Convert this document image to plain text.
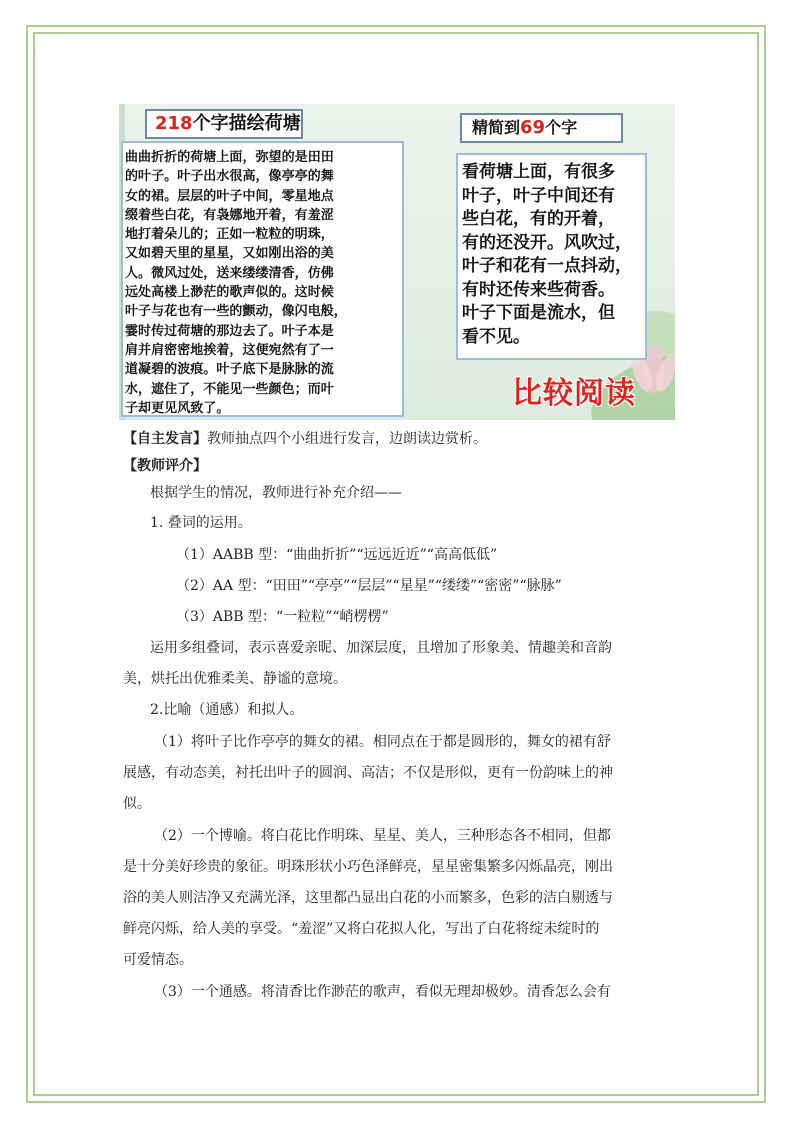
218个字描绘荷塘	精简到69个字

曲曲折折的荷塘上面，弥望的是田田

的叶子。叶子出水很高，像亭亭的舞

女的裙。层层的叶子中间，零星地点

缀着些白花，有袅娜地开着，有羞涩

地打着朵儿的；正如一粒粒的明珠，

又如碧天里的星星，又如刚出浴的美

人。微风过处，送来缕缕清香，仿佛

远处高楼上渺茫的歌声似的。这时候

叶子与花也有一些的颤动，像闪电般，

霎时传过荷塘的那边去了。叶子本是

肩并肩密密地挨着，这便宛然有了一

道凝碧的波痕。叶子底下是脉脉的流

水，遮住了，不能见一些颜色；而叶

子却更见风致了。

看荷塘上面，有很多

叶子，叶子中间还有

些白花，有的开着，

有的还没开。风吹过，

叶子和花有一点抖动，

有时还传来些荷香。

叶子下面是流水，但

看不见。

比较阅读
【自主发言】教师抽点四个小组进行发言，边朗读边赏析。
【教师评介】
根据学生的情况，教师进行补充介绍——
1. 叠词的运用。
（1）AABB 型：“曲曲折折”“远远近近”“高高低低”
（2）AA 型：“田田”“亭亭”“层层”“星星”“缕缕”“密密”“脉脉”
（3）ABB 型：“一粒粒”“峭楞楞”
运用多组叠词，表示喜爱亲昵、加深层度，且增加了形象美、情趣美和音韵
美，烘托出优雅柔美、静谧的意境。
2.比喻（通感）和拟人。
（1）将叶子比作亭亭的舞女的裙。相同点在于都是圆形的，舞女的裙有舒
展感，有动态美，衬托出叶子的圆润、高洁；不仅是形似，更有一份韵味上的神
似。
（2）一个博喻。将白花比作明珠、星星、美人，三种形态各不相同，但都
是十分美好珍贵的象征。明珠形状小巧色泽鲜亮，星星密集繁多闪烁晶亮，刚出
浴的美人则洁净又充满光泽，这里都凸显出白花的小而繁多，色彩的洁白剔透与
鲜亮闪烁，给人美的享受。“羞涩”又将白花拟人化，写出了白花将绽未绽时的
可爱情态。
（3）一个通感。将清香比作渺茫的歌声，看似无理却极妙。清香怎么会有
